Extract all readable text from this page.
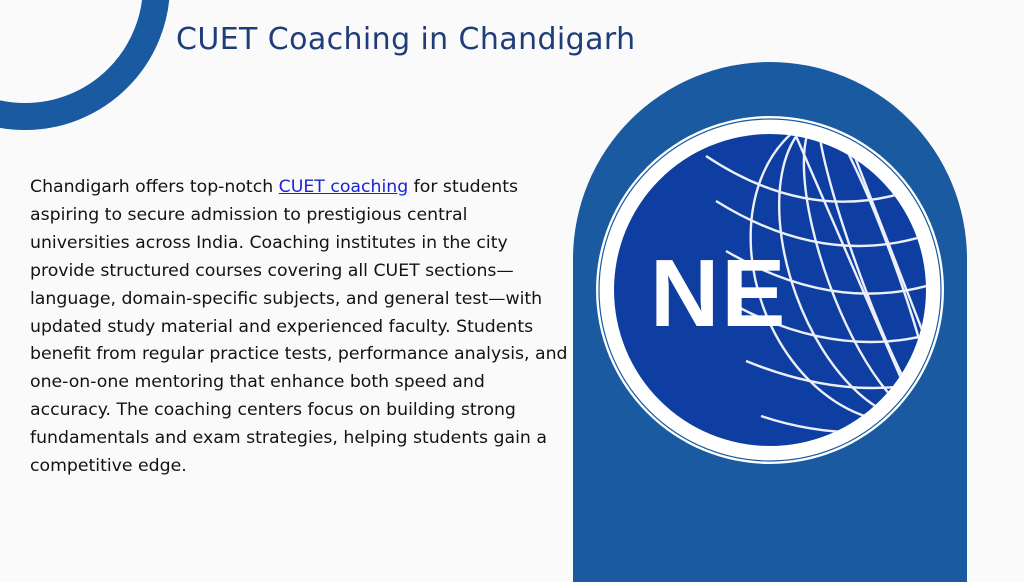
CUET Coaching in Chandigarh

Chandigarh offers top-notch CUET coaching for students aspiring to secure admission to prestigious central universities across India. Coaching institutes in the city provide structured courses covering all CUET sections—language, domain-specific subjects, and general test—with updated study material and experienced faculty. Students benefit from regular practice tests, performance analysis, and one-on-one mentoring that enhance both speed and accuracy. The coaching centers focus on building strong fundamentals and exam strategies, helping students gain a competitive edge.

NE
